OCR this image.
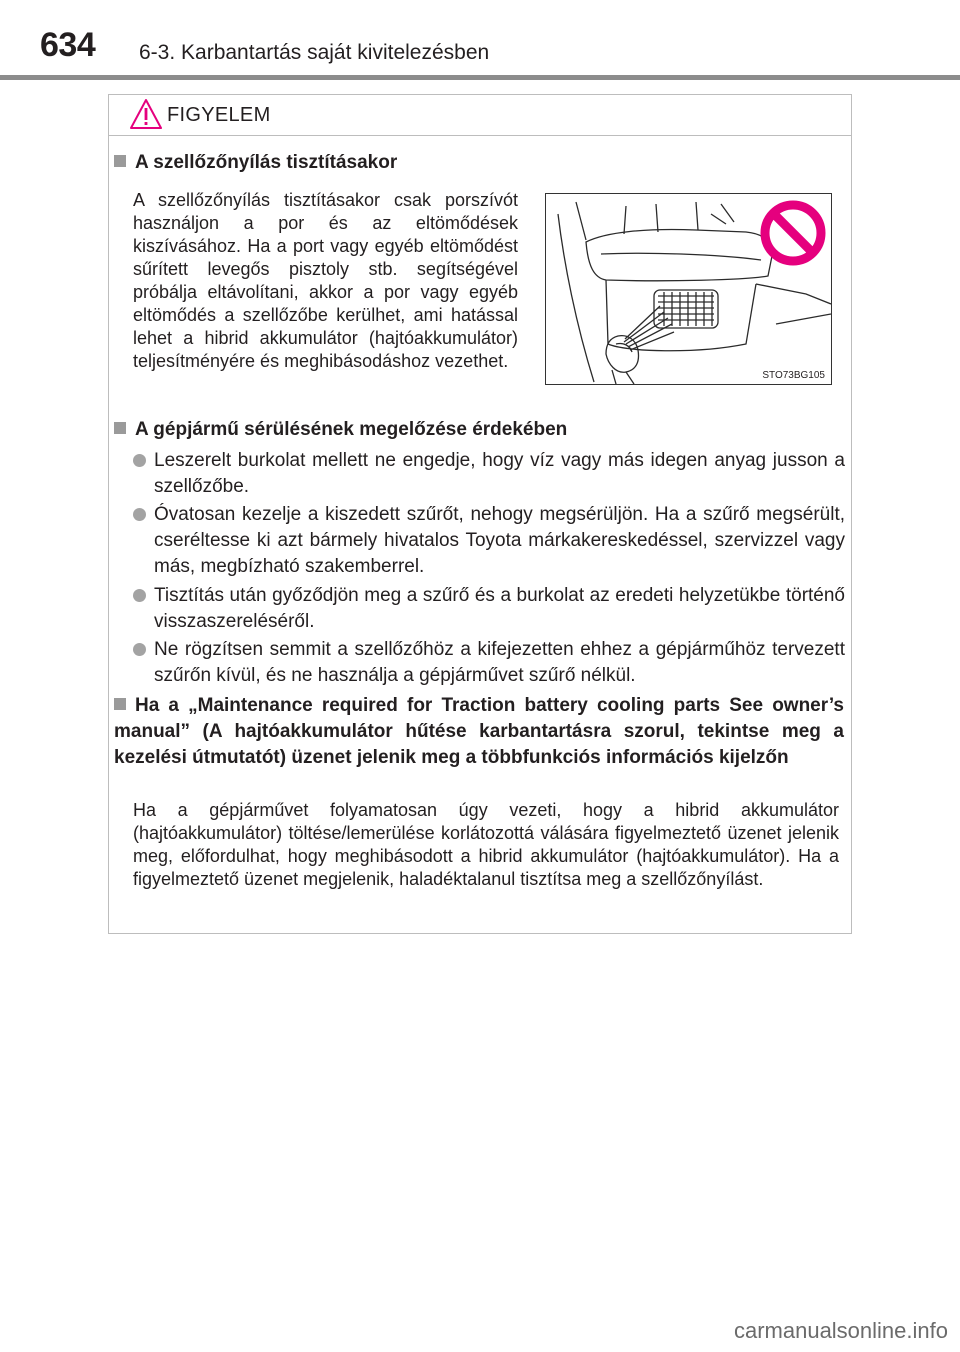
634 6-3. Karbantartás saját kivitelezésben
FIGYELEM
A szellőzőnyílás tisztításakor
A szellőzőnyílás tisztításakor csak porszívót használjon a por és az eltömődések kiszívásához. Ha a port vagy egyéb eltömődést sűrített levegős pisztoly stb. segítségével próbálja eltávolítani, akkor a por vagy egyéb eltömődés a szellőzőbe kerülhet, ami hatással lehet a hibrid akkumulátor (hajtóakkumulátor) teljesítményére és meghibásodáshoz vezethet.
STO73BG105
A gépjármű sérülésének megelőzése érdekében
Leszerelt burkolat mellett ne engedje, hogy víz vagy más idegen anyag jusson a szellőzőbe.
Óvatosan kezelje a kiszedett szűrőt, nehogy megsérüljön. Ha a szűrő megsérült, cseréltesse ki azt bármely hivatalos Toyota márkakereskedéssel, szervizzel vagy más, megbízható szakemberrel.
Tisztítás után győződjön meg a szűrő és a burkolat az eredeti helyzetükbe történő visszaszereléséről.
Ne rögzítsen semmit a szellőzőhöz a kifejezetten ehhez a gépjárműhöz tervezett szűrőn kívül, és ne használja a gépjárművet szűrő nélkül.
Ha a „Maintenance required for Traction battery cooling parts See owner’s manual” (A hajtóakkumulátor hűtése karbantartásra szorul, tekintse meg a kezelési útmutatót) üzenet jelenik meg a többfunkciós információs kijelzőn
Ha a gépjárművet folyamatosan úgy vezeti, hogy a hibrid akkumulátor (hajtóakkumulátor) töltése/lemerülése korlátozottá válására figyelmeztető üzenet jelenik meg, előfordulhat, hogy meghibásodott a hibrid akkumulátor (hajtóakkumulátor). Ha a figyelmeztető üzenet megjelenik, haladéktalanul tisztítsa meg a szellőzőnyílást.
carmanualsonline.info
